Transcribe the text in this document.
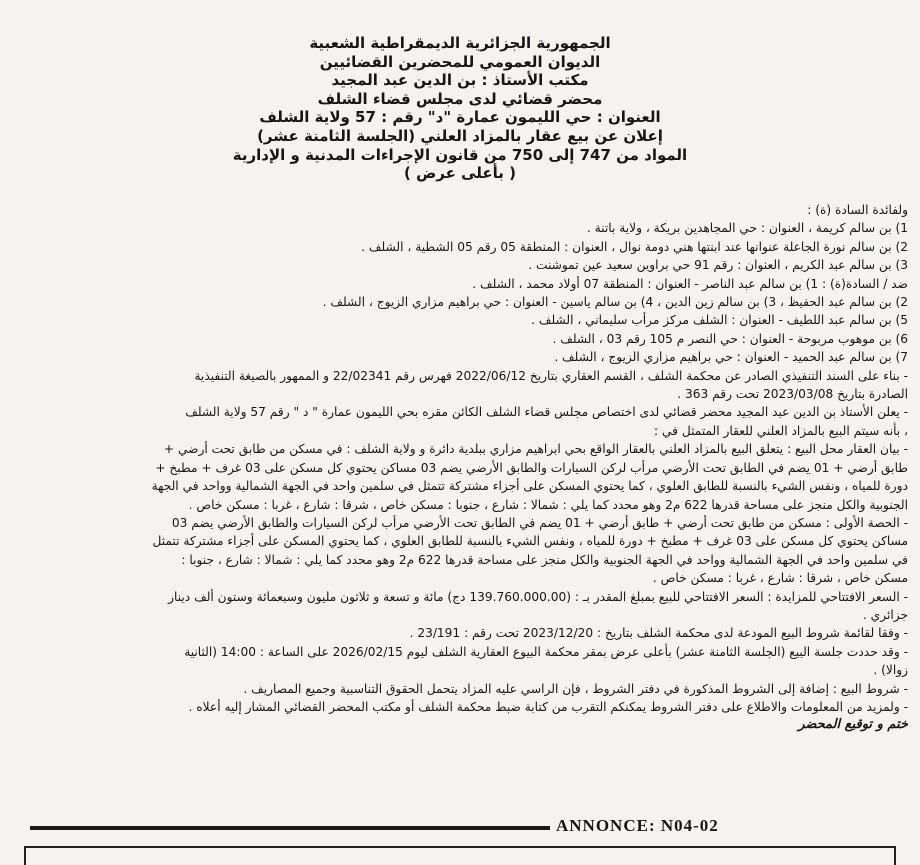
الجمهورية الجزائرية الديمقراطية الشعبية
الديوان العمومي للمحضرين القضائيين
مكتب الأستاذ : بن الدين عبد المجيد
محضر قضائي لدى مجلس قضاء الشلف
العنوان : حي الليمون عمارة "د" رقم : 57 ولاية الشلف
إعلان عن بيع عقار بالمزاد العلني (الجلسة الثامنة عشر)
المواد من 747 إلى 750 من قانون الإجراءات المدنية و الإدارية
( بأعلى عرض )
ولفائدة السادة (ة) :
1) بن سالم كريمة ، العنوان : حي المجاهدين بريكة ، ولاية باتنة .
2) بن سالم نورة الجاعلة عنوانها عند ابنتها هني دومة نوال ، العنوان : المنطقة 05 رقم 05 الشطية ، الشلف .
3) بن سالم عبد الكريم ، العنوان : رقم 91 حي براوين سعيد عين تموشنت .
ضد / السادة(ة) : 1) بن سالم عبد الناصر - العنوان : المنطقة 07 أولاد محمد ، الشلف .
2) بن سالم عبد الحفيظ ، 3) بن سالم زين الدين ، 4) بن سالم ياسين - العنوان : حي براهيم مزاري الزيوج ، الشلف .
5) بن سالم عبد اللطيف - العنوان : الشلف مركز مرأب سليماني ، الشلف .
6) بن موهوب مربوحة - العنوان : حي النصر م 105 رقم 03 ، الشلف .
7) بن سالم عبد الحميد - العنوان : حي براهيم مزاري الزيوج ، الشلف .
- بناء على السند التنفيذي الصادر عن محكمة الشلف ، القسم العقاري بتاريخ 2022/06/12 فهرس رقم 22/02341 و الممهور بالصيغة التنفيذية
الصادرة بتاريخ 2023/03/08 تحت رقم 363 .
- يعلن الأستاذ بن الدين عبد المجيد محضر قضائي لدى اختصاص مجلس قضاء الشلف الكائن مقره بحي الليمون عمارة " د " رقم 57 ولاية الشلف
، بأنه سيتم البيع بالمزاد العلني للعقار المتمثل في :
- بيان العقار محل البيع : يتعلق البيع بالمزاد العلني بالعقار الواقع بحي ابراهيم مزاري ببلدية دائرة و ولاية الشلف : في مسكن من طابق تحت أرضي +
طابق أرضي + 01 يضم في الطابق تحت الأرضي مرأب لركن السيارات والطابق الأرضي يضم 03 مساكن يحتوي كل مسكن على 03 غرف + مطبخ +
دورة للمياه ، ونفس الشيء بالنسبة للطابق العلوي ، كما يحتوي المسكن على أجزاء مشتركة تتمثل في سلمين واحد في الجهة الشمالية وواحد في الجهة
الجنوبية والكل منجز على مساحة قدرها 622 م2 وهو محدد كما يلي : شمالا : شارع ، جنوبا : مسكن خاص ، شرقا : شارع ، غربا : مسكن خاص .
- الحصة الأولى : مسكن من طابق تحت أرضي + طابق أرضي + 01 يضم في الطابق تحت الأرضي مرأب لركن السيارات والطابق الأرضي يضم 03
مساكن يحتوي كل مسكن على 03 غرف + مطبخ + دورة للمياه ، ونفس الشيء بالنسبة للطابق العلوي ، كما يحتوي المسكن على أجزاء مشتركة تتمثل
في سلمين واحد في الجهة الشمالية وواحد في الجهة الجنوبية والكل منجز على مساحة قدرها 622 م2 وهو محدد كما يلي : شمالا : شارع ، جنوبا :
مسكن خاص ، شرقا : شارع ، غربا : مسكن خاص .
- السعر الافتتاحي للمزايدة : السعر الافتتاحي للبيع بمبلغ المقدر بـ : (139.760.000.00 دج) مائة و تسعة و ثلاثون مليون وسبعمائة وستون ألف دينار
جزائري .
- وفقا لقائمة شروط البيع المودعة لدى محكمة الشلف بتاريخ : 2023/12/20 تحت رقم : 23/191 .
- وقد حددت جلسة البيع (الجلسة الثامنة عشر) بأعلى عرض بمقر محكمة البيوع العقارية الشلف ليوم 2026/02/15 على الساعة : 14:00 (الثانية
زوالا) .
- شروط البيع : إضافة إلى الشروط المذكورة في دفتر الشروط ، فإن الراسي عليه المزاد يتحمل الحقوق التناسبية وجميع المصاريف .
- ولمزيد من المعلومات والاطلاع على دفتر الشروط يمكنكم التقرب من كتابة ضبط محكمة الشلف أو مكتب المحضر القضائي المشار إليه أعلاه .
ختم و توقيع المحضر
ANNONCE: N04-02
